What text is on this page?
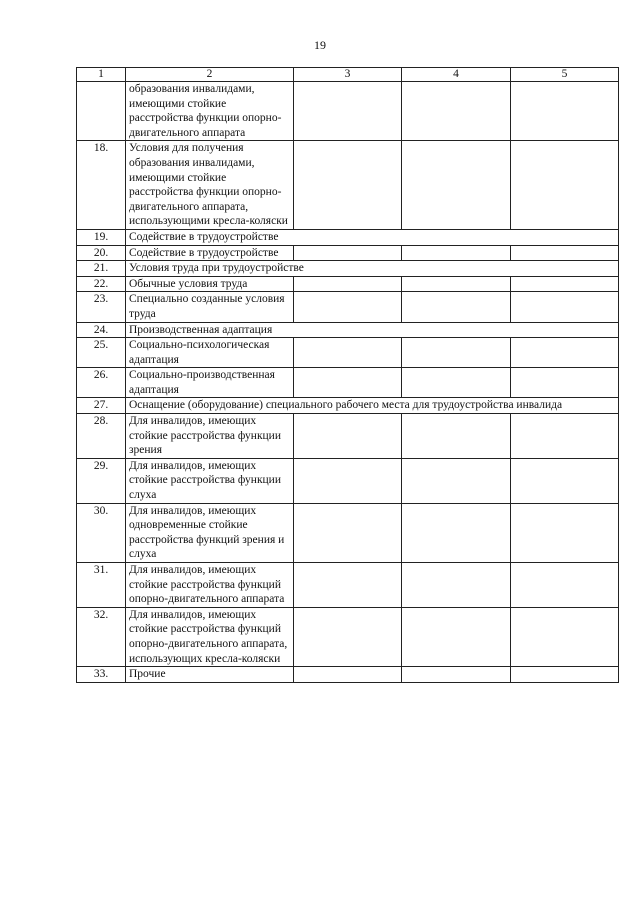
19
1	2	3	4	5
	образования инвалидами, имеющими стойкие расстройства функции опорно-двигательного аппарата			
18.	Условия для получения образования инвалидами, имеющими стойкие расстройства функции опорно-двигательного аппарата, использующими кресла-коляски			
19.	Содействие в трудоустройстве			
20.	Содействие в трудоустройстве			
21.	Условия труда при трудоустройстве			
22.	Обычные условия труда			
23.	Специально созданные условия труда			
24.	Производственная адаптация			
25.	Социально-психологическая адаптация			
26.	Социально-производственная адаптация			
27.	Оснащение (оборудование) специального рабочего места для трудоустройства инвалида			
28.	Для инвалидов, имеющих стойкие расстройства функции зрения			
29.	Для инвалидов, имеющих стойкие расстройства функции слуха			
30.	Для инвалидов, имеющих одновременные стойкие расстройства функций зрения и слуха			
31.	Для инвалидов, имеющих стойкие расстройства функций опорно-двигательного аппарата			
32.	Для инвалидов, имеющих стойкие расстройства функций опорно-двигательного аппарата, использующих кресла-коляски			
33.	Прочие			
